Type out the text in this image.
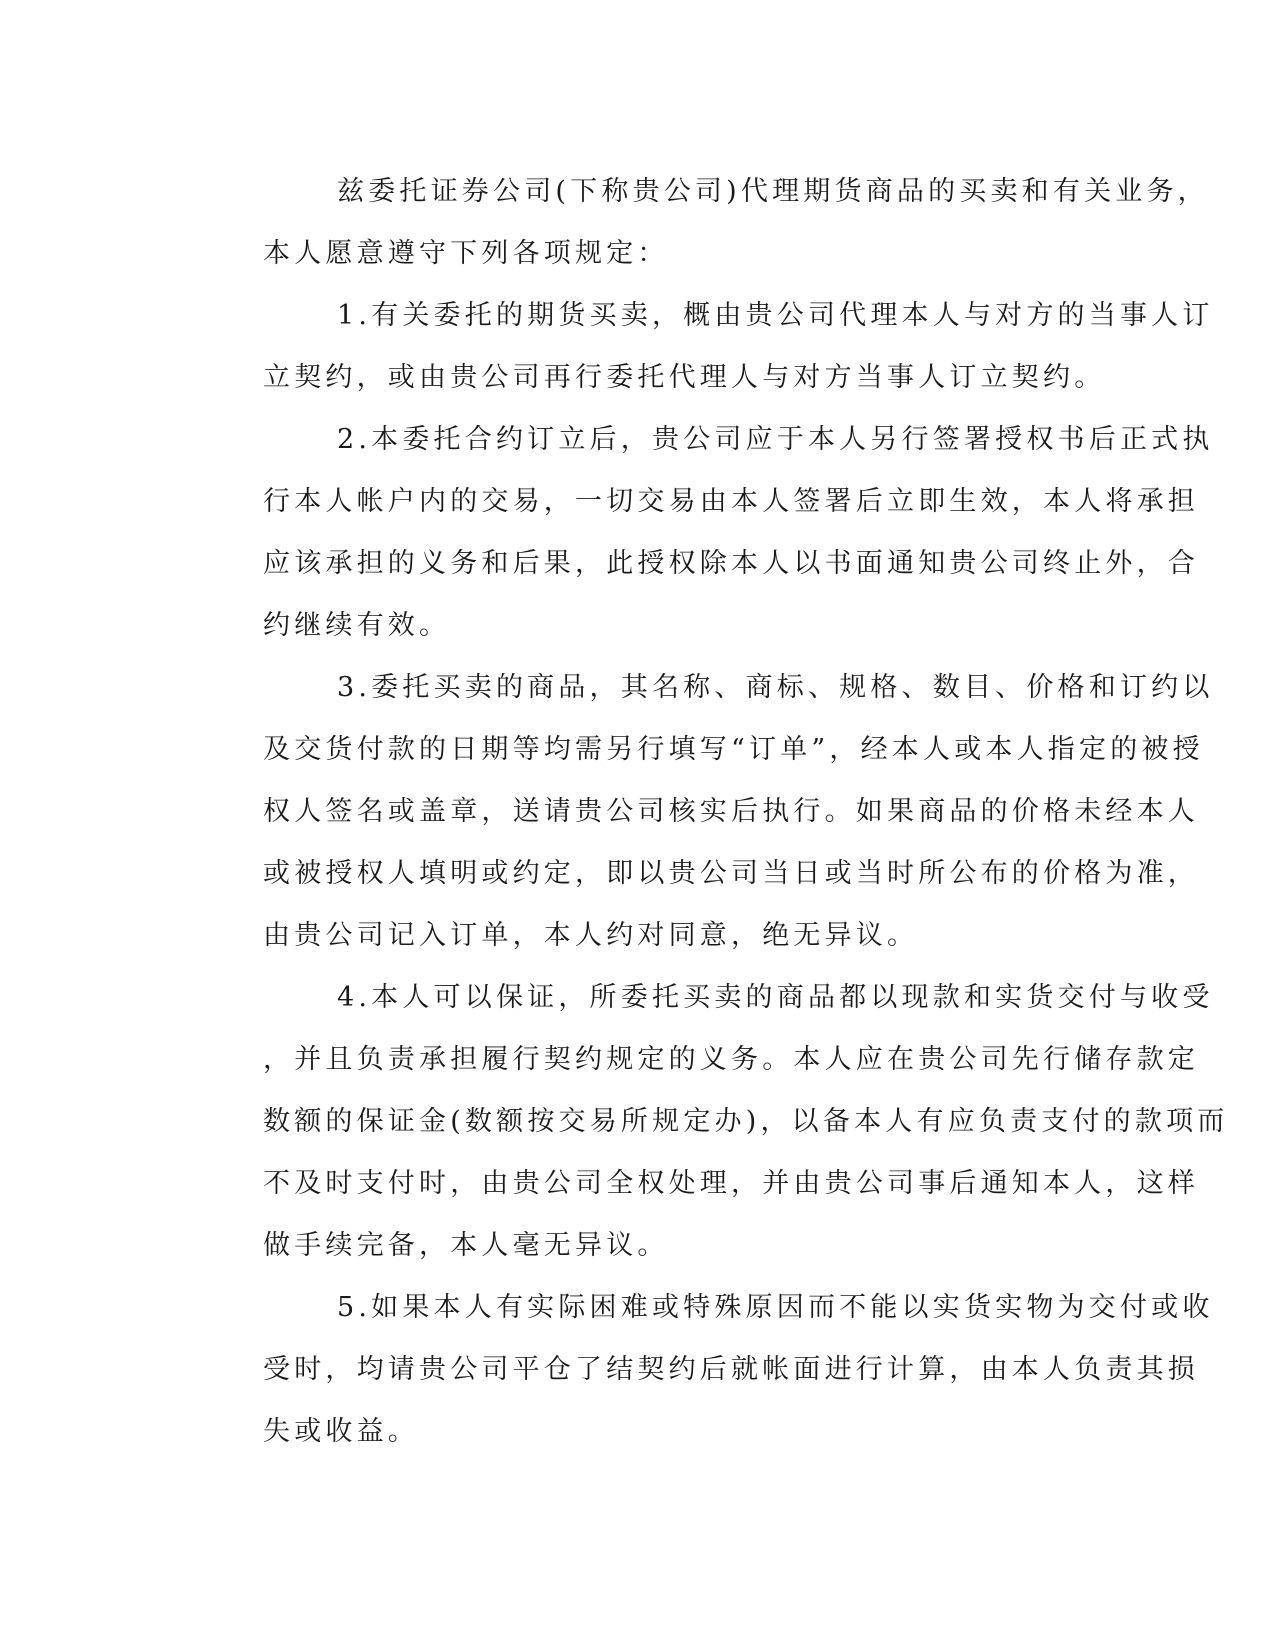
兹委托证券公司(下称贵公司)代理期货商品的买卖和有关业务，
本人愿意遵守下列各项规定：
1.有关委托的期货买卖，概由贵公司代理本人与对方的当事人订
立契约，或由贵公司再行委托代理人与对方当事人订立契约。
2.本委托合约订立后，贵公司应于本人另行签署授权书后正式执
行本人帐户内的交易，一切交易由本人签署后立即生效，本人将承担
应该承担的义务和后果，此授权除本人以书面通知贵公司终止外，合
约继续有效。
3.委托买卖的商品，其名称、商标、规格、数目、价格和订约以
及交货付款的日期等均需另行填写“订单”，经本人或本人指定的被授
权人签名或盖章，送请贵公司核实后执行。如果商品的价格未经本人
或被授权人填明或约定，即以贵公司当日或当时所公布的价格为准，
由贵公司记入订单，本人约对同意，绝无异议。
4.本人可以保证，所委托买卖的商品都以现款和实货交付与收受
，并且负责承担履行契约规定的义务。本人应在贵公司先行储存款定
数额的保证金(数额按交易所规定办)，以备本人有应负责支付的款项而
不及时支付时，由贵公司全权处理，并由贵公司事后通知本人，这样
做手续完备，本人毫无异议。
5.如果本人有实际困难或特殊原因而不能以实货实物为交付或收
受时，均请贵公司平仓了结契约后就帐面进行计算，由本人负责其损
失或收益。
